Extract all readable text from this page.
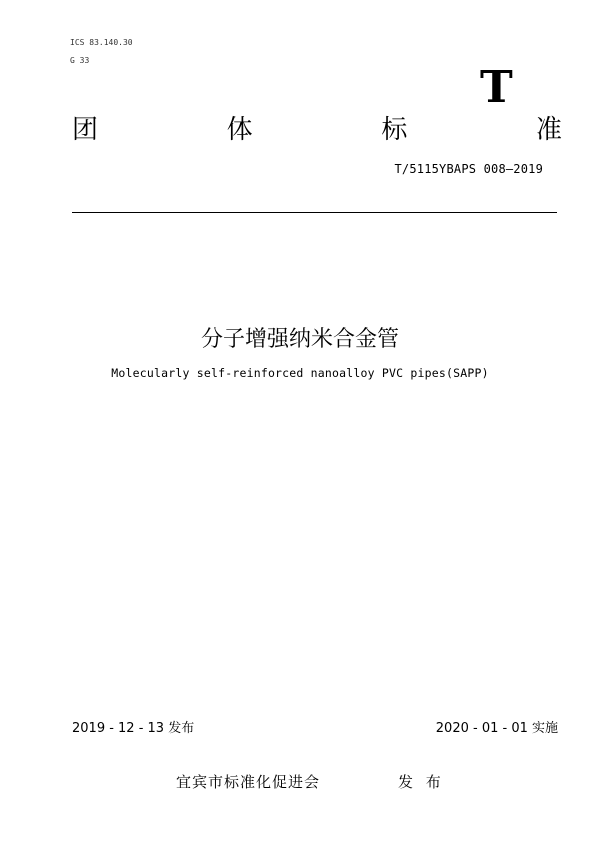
ICS 83.140.30
G 33
T
团	体	标	准
T/5115YBAPS 008—2019
分子增强纳米合金管
Molecularly self-reinforced nanoalloy PVC pipes(SAPP)
2019 - 12 - 13 发布	2020 - 01 - 01 实施
宜宾市标准化促进会	发 布
